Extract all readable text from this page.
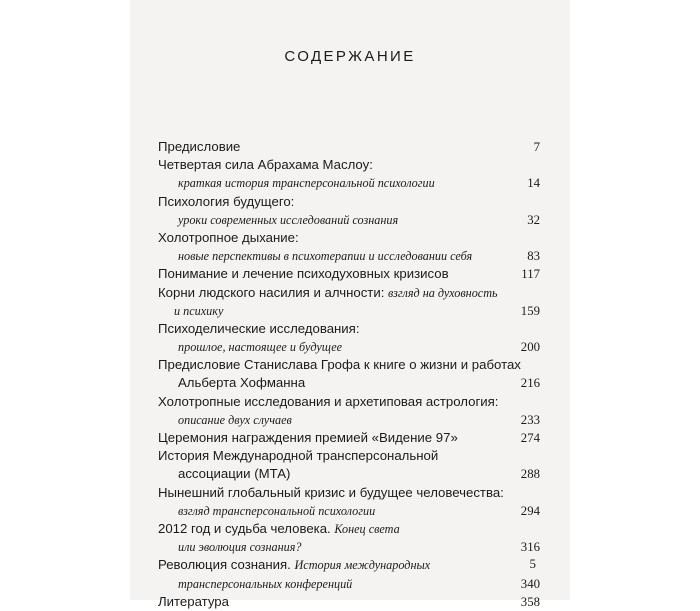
СОДЕРЖАНИЕ
Предисловие	7
Четвертая сила Абрахама Маслоу:
краткая история трансперсональной психологии	14
Психология будущего:
уроки современных исследований сознания	32
Холотропное дыхание:
новые перспективы в психотерапии и исследовании себя	83
Понимание и лечение психодуховных кризисов	117
Корни людского насилия и алчности: взгляд на духовность
и психику	159
Психоделические исследования:
прошлое, настоящее и будущее	200
Предисловие Станислава Грофа к книге о жизни и работах
Альберта Хофманна	216
Холотропные исследования и архетиповая астрология:
описание двух случаев	233
Церемония награждения премией «Видение 97»	274
История Международной трансперсональной
ассоциации (МТА)	288
Нынешний глобальный кризис и будущее человечества:
взгляд трансперсональной психологии	294
2012 год и судьба человека. Конец света
или эволюция сознания?	316
Революция сознания. История международных
трансперсональных конференций	340
Литература	358
5
